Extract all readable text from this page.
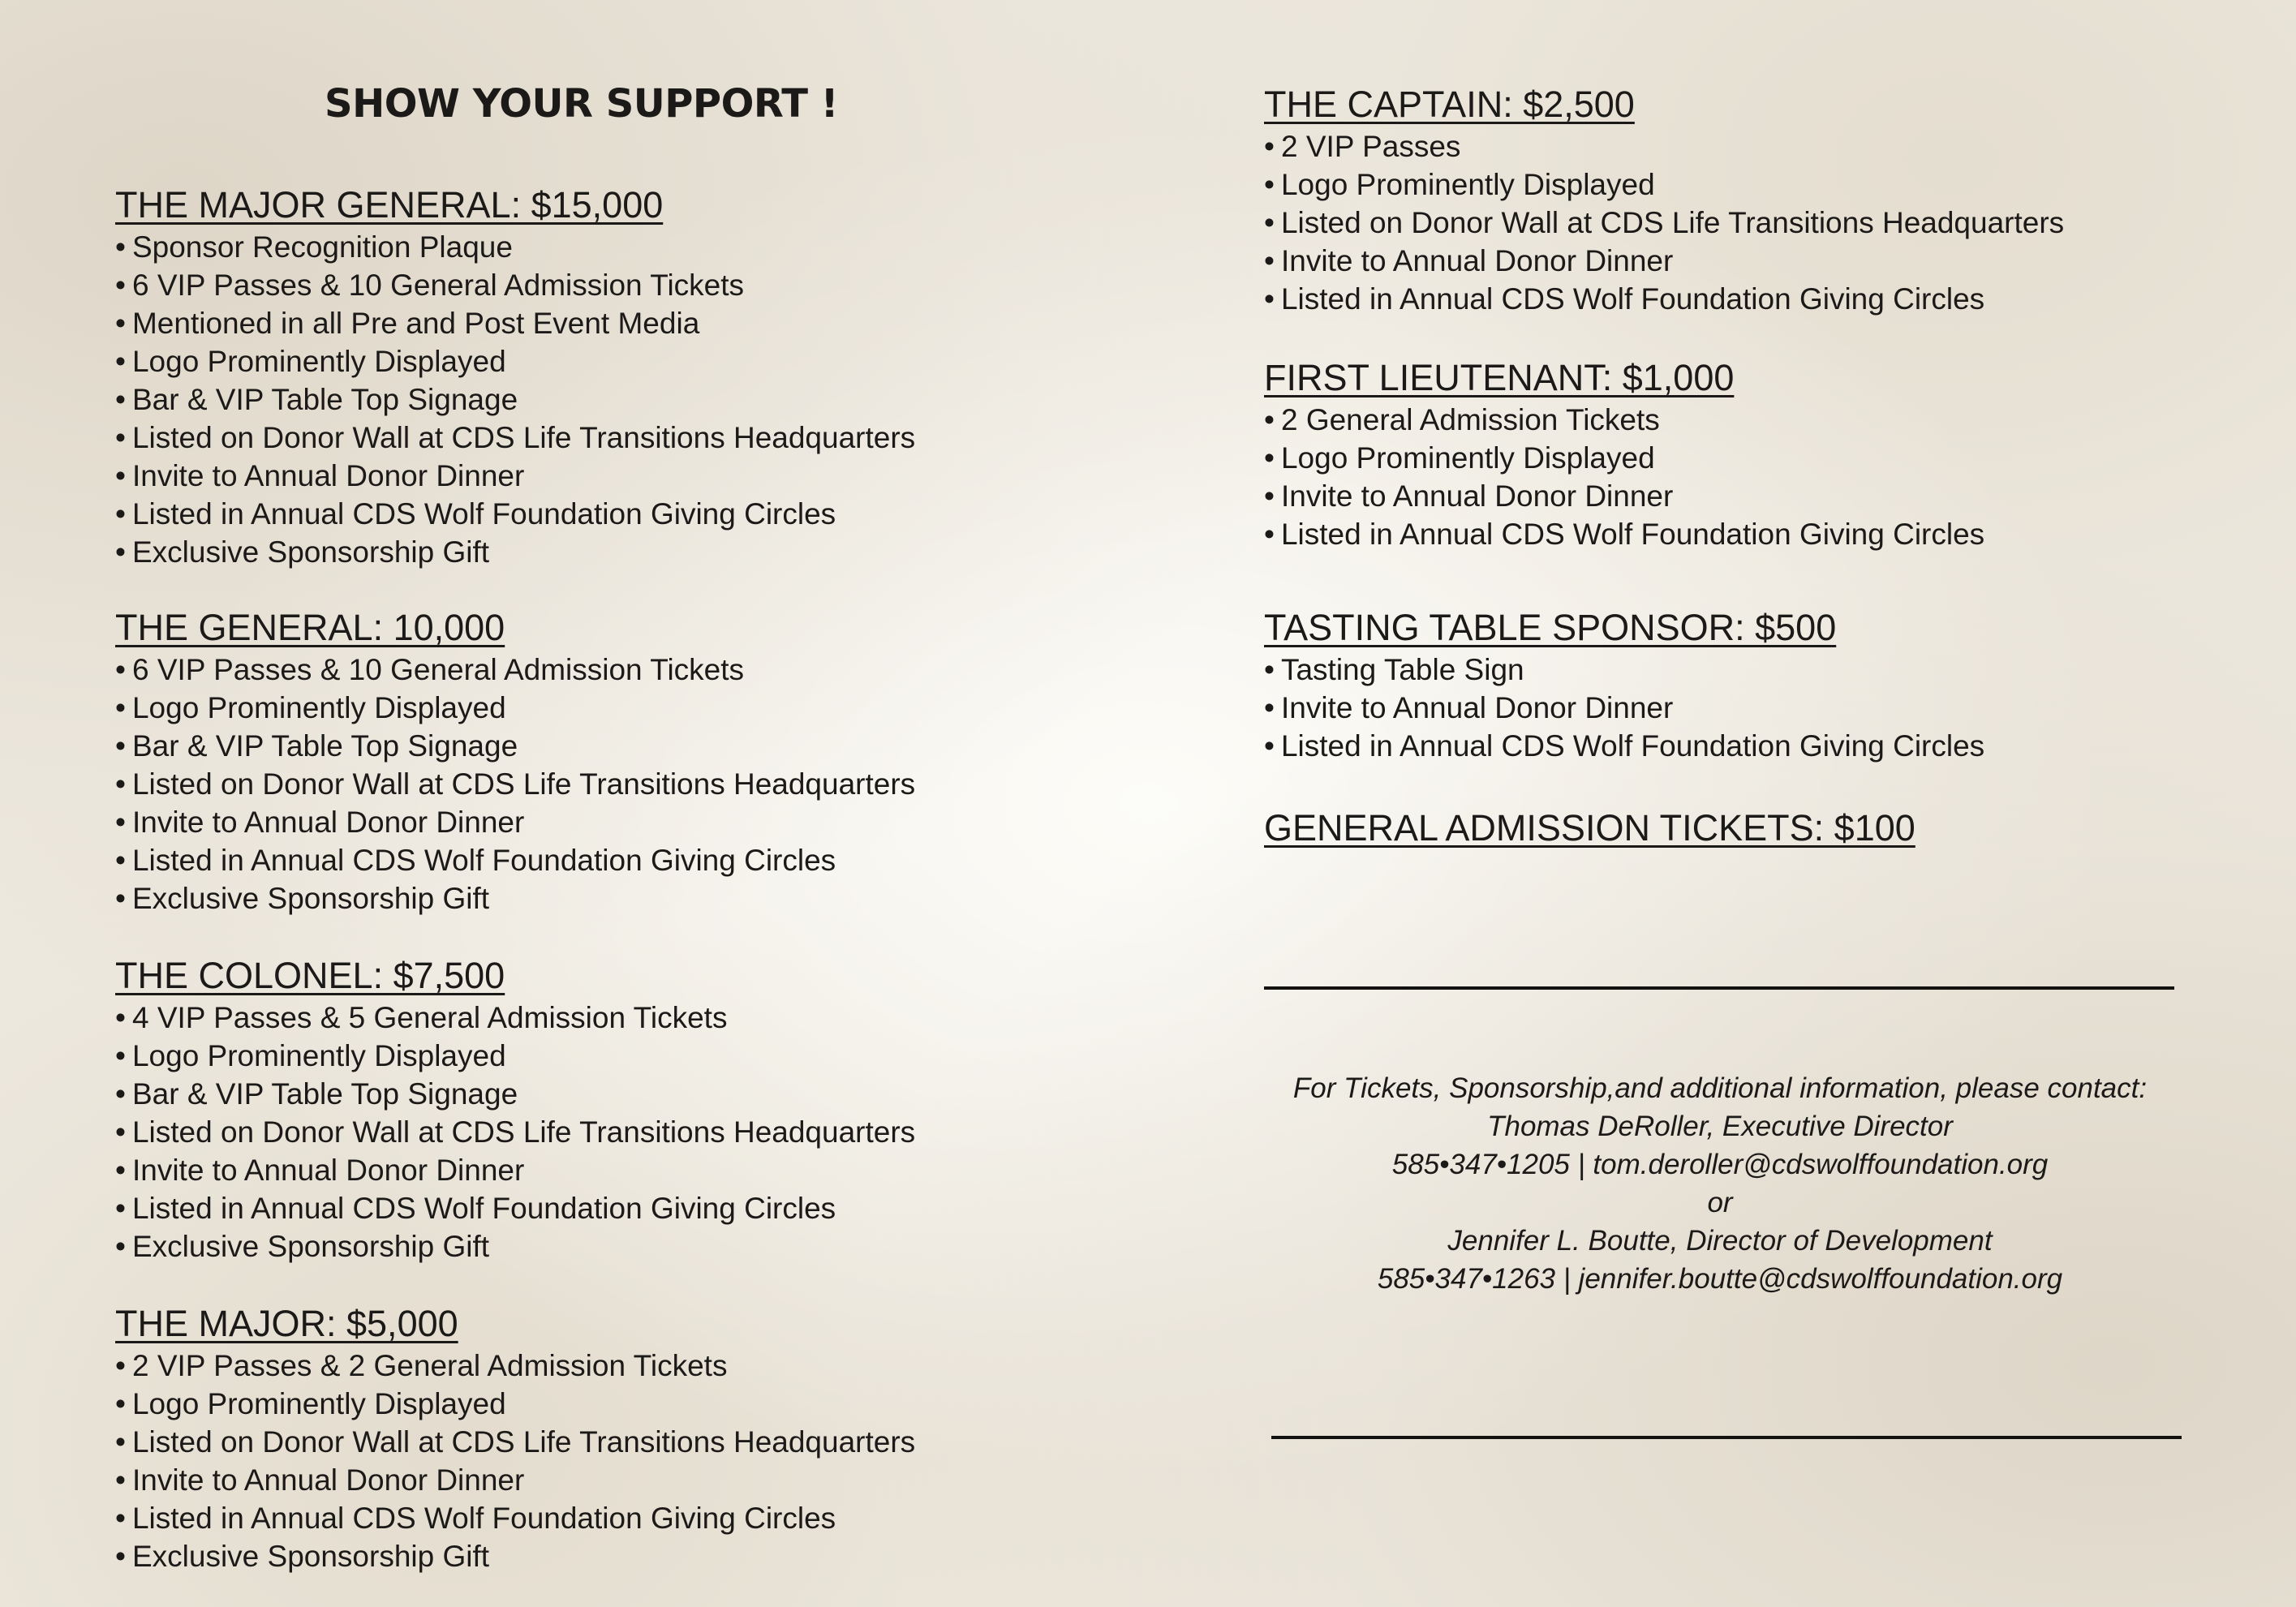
SHOW YOUR SUPPORT !
THE MAJOR GENERAL: $15,000
• Sponsor Recognition Plaque
• 6 VIP Passes & 10 General Admission Tickets
• Mentioned in all Pre and Post Event Media
• Logo Prominently Displayed
• Bar & VIP Table Top Signage
• Listed on Donor Wall at CDS Life Transitions Headquarters
• Invite to Annual Donor Dinner
• Listed in Annual CDS Wolf Foundation Giving Circles
• Exclusive Sponsorship Gift
THE GENERAL: 10,000
• 6 VIP Passes & 10 General Admission Tickets
• Logo Prominently Displayed
• Bar & VIP Table Top Signage
• Listed on Donor Wall at CDS Life Transitions Headquarters
• Invite to Annual Donor Dinner
• Listed in Annual CDS Wolf Foundation Giving Circles
• Exclusive Sponsorship Gift
THE COLONEL: $7,500
• 4 VIP Passes & 5 General Admission Tickets
• Logo Prominently Displayed
• Bar & VIP Table Top Signage
• Listed on Donor Wall at CDS Life Transitions Headquarters
• Invite to Annual Donor Dinner
• Listed in Annual CDS Wolf Foundation Giving Circles
• Exclusive Sponsorship Gift
THE MAJOR: $5,000
• 2 VIP Passes & 2 General Admission Tickets
• Logo Prominently Displayed
• Listed on Donor Wall at CDS Life Transitions Headquarters
• Invite to Annual Donor Dinner
• Listed in Annual CDS Wolf Foundation Giving Circles
• Exclusive Sponsorship Gift
THE CAPTAIN: $2,500
• 2 VIP Passes
• Logo Prominently Displayed
• Listed on Donor Wall at CDS Life Transitions Headquarters
• Invite to Annual Donor Dinner
• Listed in Annual CDS Wolf Foundation Giving Circles
FIRST LIEUTENANT: $1,000
• 2 General Admission Tickets
• Logo Prominently Displayed
• Invite to Annual Donor Dinner
• Listed in Annual CDS Wolf Foundation Giving Circles
TASTING TABLE SPONSOR: $500
• Tasting Table Sign
• Invite to Annual Donor Dinner
• Listed in Annual CDS Wolf Foundation Giving Circles
GENERAL ADMISSION TICKETS: $100
For Tickets, Sponsorship,and additional information, please contact:
Thomas DeRoller, Executive Director
585•347•1205 | tom.deroller@cdswolffoundation.org
or
Jennifer L. Boutte, Director of Development
585•347•1263 | jennifer.boutte@cdswolffoundation.org
